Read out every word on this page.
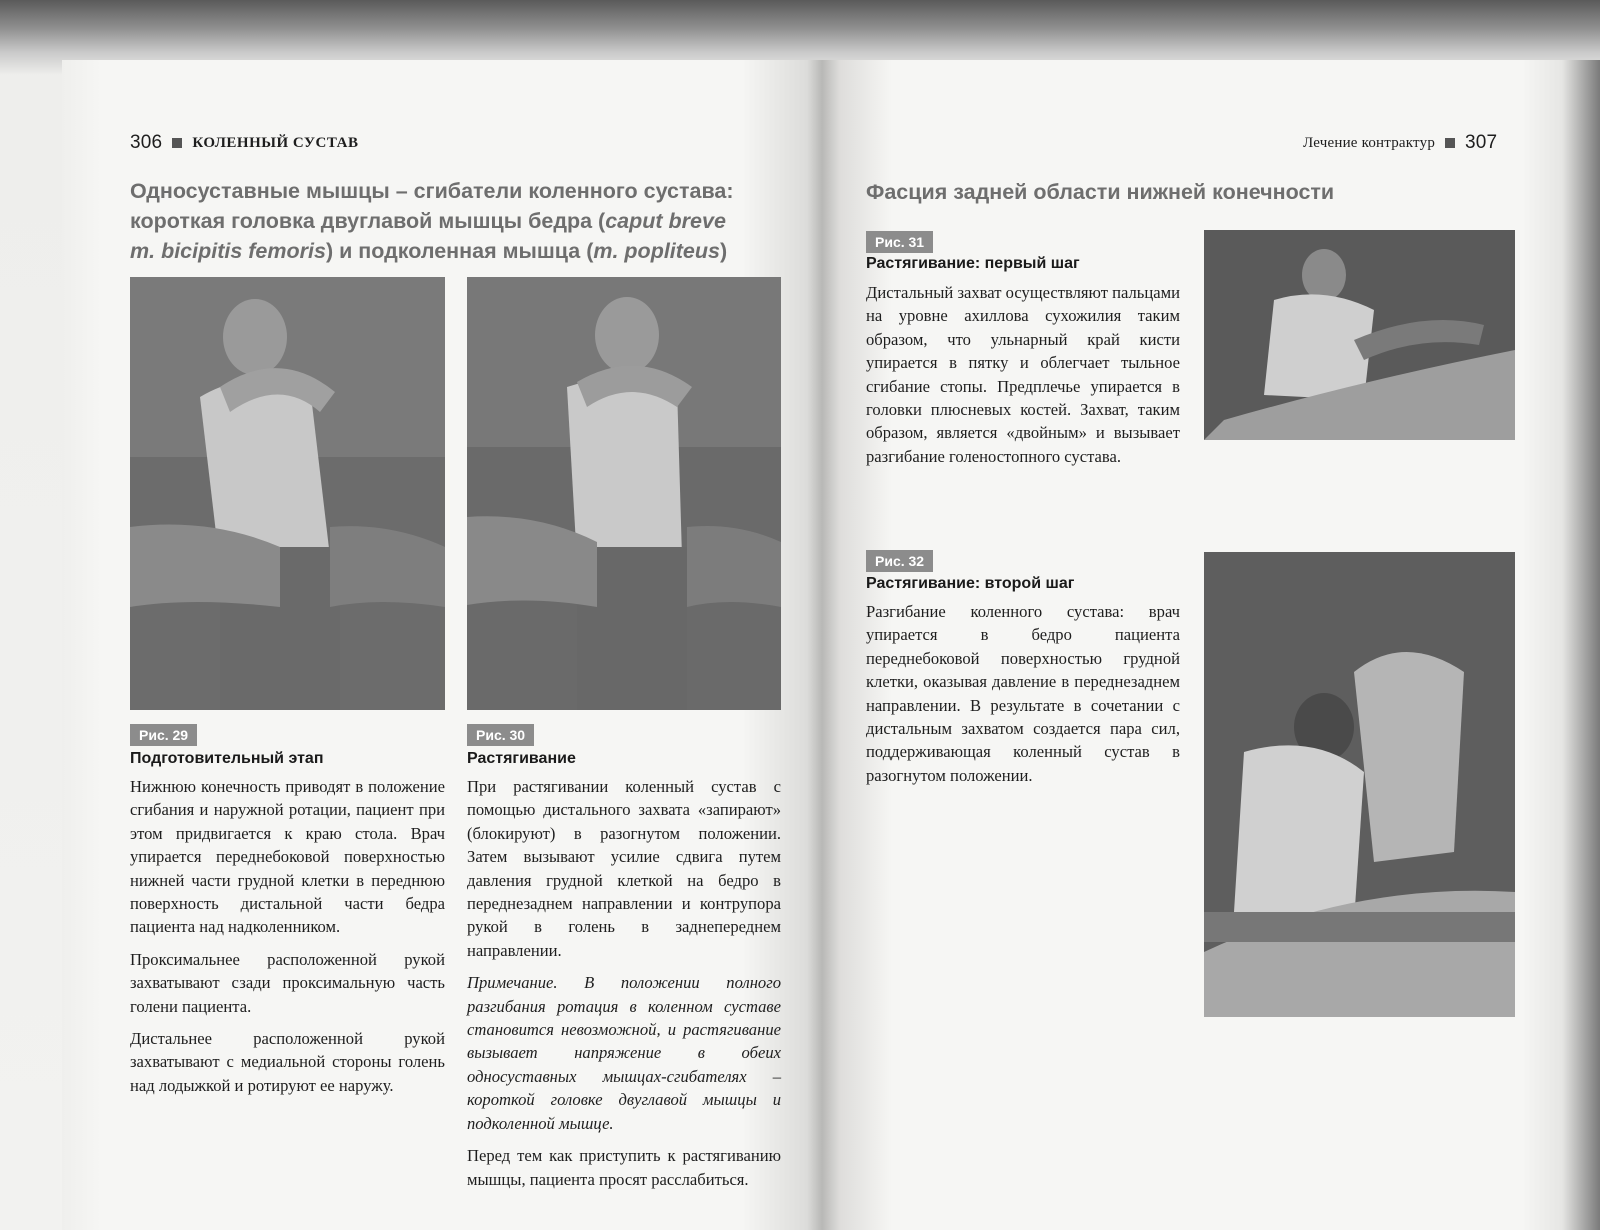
306 КОЛЕННЫЙ СУСТАВ
Односуставные мышцы – сгибатели коленного сустава:
короткая головка двуглавой мышцы бедра (caput breve
m. bicipitis femoris) и подколенная мышца (m. popliteus)
Рис. 29
Подготовительный этап

Нижнюю конечность приводят в положение сгибания и наружной ротации, пациент при этом придвигается к краю стола. Врач упирается переднебоковой поверхностью нижней части грудной клетки в переднюю поверхность дистальной части бедра пациента над надколенником.

Проксимальнее расположенной рукой захватывают сзади проксимальную часть голени пациента.

Дистальнее расположенной рукой захватывают с медиальной стороны голень над лодыжкой и ротируют ее наружу.

Рис. 30
Растягивание

При растягивании коленный сустав с помощью дистального захвата «запирают» (блокируют) в разогнутом положении. Затем вызывают усилие сдвига путем давления грудной клеткой на бедро в переднезаднем направлении и контрупора рукой в голень в заднепереднем направлении.

Примечание. В положении полного разгибания ротация в коленном суставе становится невозможной, и растягивание вызывает напряжение в обеих односуставных мышцах-сгибателях – короткой головке двуглавой мышцы и подколенной мышце.

Перед тем как приступить к растягиванию мышцы, пациента просят расслабиться.

Лечение контрактур 307
Фасция задней области нижней конечности
Рис. 31
Растягивание: первый шаг

Дистальный захват осуществляют пальцами на уровне ахиллова сухожилия таким образом, что ульнарный край кисти упирается в пятку и облегчает тыльное сгибание стопы. Предплечье упирается в головки плюсневых костей. Захват, таким образом, является «двойным» и вызывает разгибание голеностопного сустава.

Рис. 32
Растягивание: второй шаг

Разгибание коленного сустава: врач упирается в бедро пациента переднебоковой поверхностью грудной клетки, оказывая давление в переднезаднем направлении. В результате в сочетании с дистальным захватом создается пара сил, поддерживающая коленный сустав в разогнутом положении.
